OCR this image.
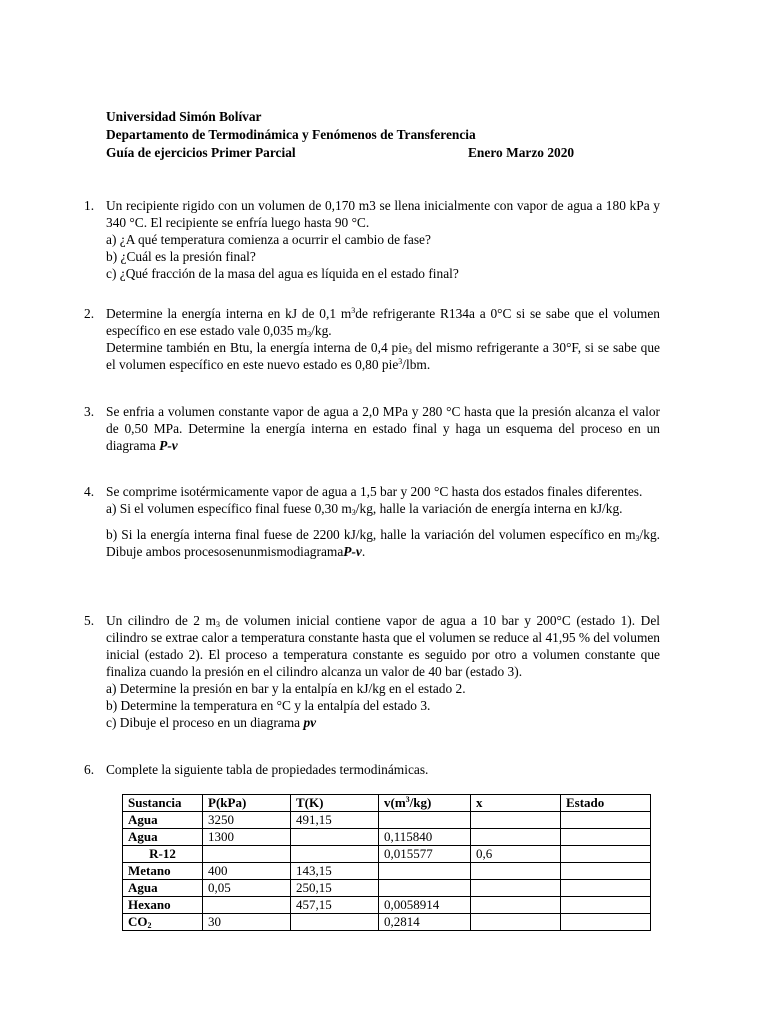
Universidad Simón Bolívar
Departamento de Termodinámica y Fenómenos de Transferencia
Guía de ejercicios Primer Parcial	Enero Marzo 2020
1. Un recipiente rigido con un volumen de 0,170 m3 se llena inicialmente con vapor de agua a 180 kPa y 340 °C. El recipiente se enfría luego hasta 90 °C.
a) ¿A qué temperatura comienza a ocurrir el cambio de fase?
b) ¿Cuál es la presión final?
c) ¿Qué fracción de la masa del agua es líquida en el estado final?
2. Determine la energía interna en kJ de 0,1 $m^3de$ refrigerante R134a a 0°C si se sabe que el volumen específico en ese estado vale 0,035 $m_3/kg$.
Determine también en Btu, la energía interna de 0,4 pie$_3$ del mismo refrigerante a 30°F, si se sabe que el volumen específico en este nuevo estado es 0,80 pie$^3$/lbm.
3. Se enfria a volumen constante vapor de agua a 2,0 MPa y 280 °C hasta que la presión alcanza el valor de 0,50 MPa. Determine la energía interna en estado final y haga un esquema del proceso en un diagrama P-v
4. Se comprime isotérmicamente vapor de agua a 1,5 bar y 200 °C hasta dos estados finales diferentes.
a) Si el volumen específico final fuese 0,30 $m_3/kg$, halle la variación de energía interna en kJ/kg.
b) Si la energía interna final fuese de 2200 kJ/kg, halle la variación del volumen específico en $m_3/kg$. Dibuje ambos procesosenunmismodiagramaP-v.
5. Un cilindro de 2 $m_3$ de volumen inicial contiene vapor de agua a 10 bar y 200°C (estado 1). Del cilindro se extrae calor a temperatura constante hasta que el volumen se reduce al 41,95 % del volumen inicial (estado 2). El proceso a temperatura constante es seguido por otro a volumen constante que finaliza cuando la presión en el cilindro alcanza un valor de 40 bar (estado 3).
a) Determine la presión en bar y la entalpía en kJ/kg en el estado 2.
b) Determine la temperatura en °C y la entalpía del estado 3.
c) Dibuje el proceso en un diagrama pv
6. Complete la siguiente tabla de propiedades termodinámicas.
Sustancia	P(kPa)	T(K)	$v(m^3/kg)$	x	Estado
Agua	3250	491,15			
Agua	1300		0,115840		
R-12			0,015577	0,6	
Metano	400	143,15			
Agua	0,05	250,15			
Hexano		457,15	0,0058914		
$CO_2$	30		0,2814		
